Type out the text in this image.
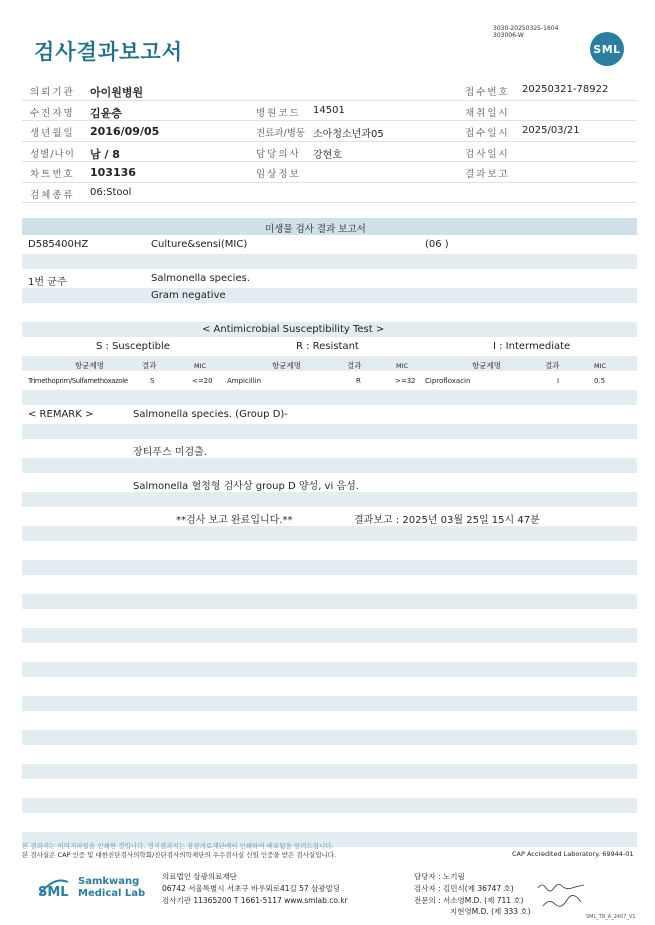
검사결과보고서
3030-20250325-1604
303006-W
SML
의뢰기관 아이원병원	접수번호 20250321-78922
수진자명 김윤층	병원코드 14501	채취일시
생년월일 2016/09/05	진료과/병동 소아청소년과05	접수일시 2025/03/21
성별/나이 남 / 8	담당의사 강현호	검사일시
차트번호 103136	임상정보	결과보고
검체종류 06:Stool
미생물 검사 결과 보고서
D585400HZ	Culture&sensi(MIC)	(06 )
1번 균주	Salmonella species.
Gram negative
< Antimicrobial Susceptibility Test >
S : Susceptible	R : Resistant	I : Intermediate
항균제명	결과	MIC	항균제명	결과	MIC	항균제명	결과	MIC
Trimethoprim/Sulfamethoxazole	S	<=20 Ampicillin	R	>=32 Ciprofloxacin	I	0.5
< REMARK >	Salmonella species. (Group D)-
장티푸스 미검출.
Salmonella 혈청형 검사상 group D 양성, vi 음성.
**검사 보고 완료입니다.**	결과보고 : 2025년 03월 25일 15시 47분
본 결과지는 이미지파일을 인쇄한 것입니다. 정식결과지는 삼광의료재단에서 인쇄하여 배포됨을 알려드립니다.
본 검사실은 CAP 인증 및 대한진단검사의학회/진단검사의학재단의 우수검사실 신임 인증을 받은 검사실입니다.	CAP Accredited Laboratory. 69944-01
SML
Samkwang
Medical Lab
의료법인 삼광의료재단
06742 서울특별시 서초구 바우뫼로41길 57 삼광빌딩
검사기관 11365200 T 1661-5117 www.smlab.co.kr
담당자 : 노기림
검사자 : 김민식(제 36747 호)
전문의 : 서소영M.D. (제 711 호)
지현영M.D. (제 333 호)
SML_TR_A_2407_V1
